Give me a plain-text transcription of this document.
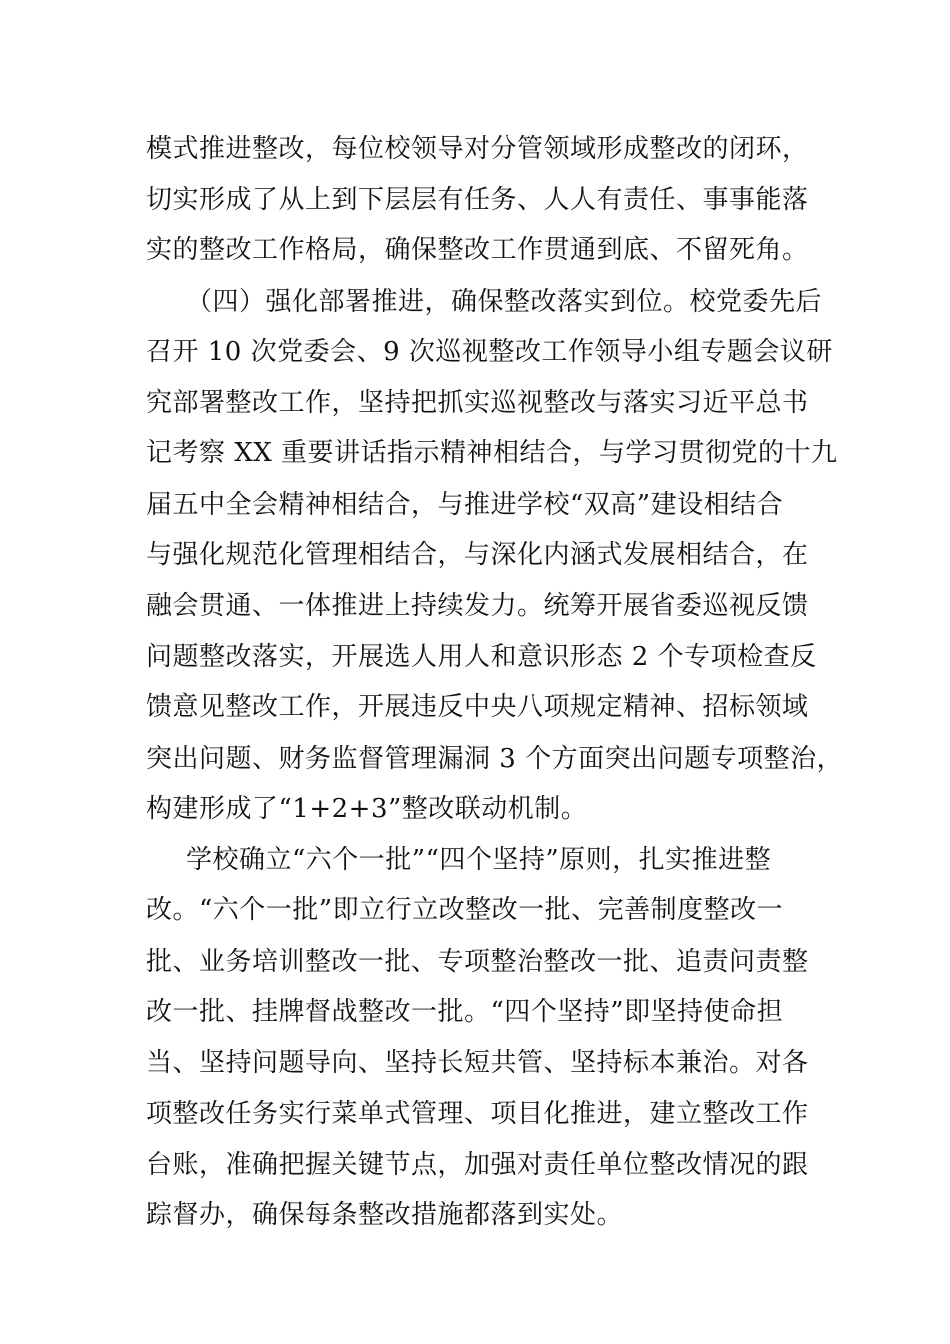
模式推进整改，每位校领导对分管领域形成整改的闭环，

切实形成了从上到下层层有任务、人人有责任、事事能落

实的整改工作格局，确保整改工作贯通到底、不留死角。

（四）强化部署推进，确保整改落实到位。校党委先后

召开 10 次党委会、9 次巡视整改工作领导小组专题会议研

究部署整改工作，坚持把抓实巡视整改与落实习近平总书

记考察 XX 重要讲话指示精神相结合，与学习贯彻党的十九

届五中全会精神相结合，与推进学校“双高”建设相结合

与强化规范化管理相结合，与深化内涵式发展相结合，在

融会贯通、一体推进上持续发力。统筹开展省委巡视反馈

问题整改落实，开展选人用人和意识形态 2 个专项检查反

馈意见整改工作，开展违反中央八项规定精神、招标领域

突出问题、财务监督管理漏洞 3 个方面突出问题专项整治，

构建形成了“1+2+3”整改联动机制。

学校确立“六个一批”“四个坚持”原则，扎实推进整

改。“六个一批”即立行立改整改一批、完善制度整改一

批、业务培训整改一批、专项整治整改一批、追责问责整

改一批、挂牌督战整改一批。“四个坚持”即坚持使命担

当、坚持问题导向、坚持长短共管、坚持标本兼治。对各

项整改任务实行菜单式管理、项目化推进，建立整改工作

台账，准确把握关键节点，加强对责任单位整改情况的跟

踪督办，确保每条整改措施都落到实处。
